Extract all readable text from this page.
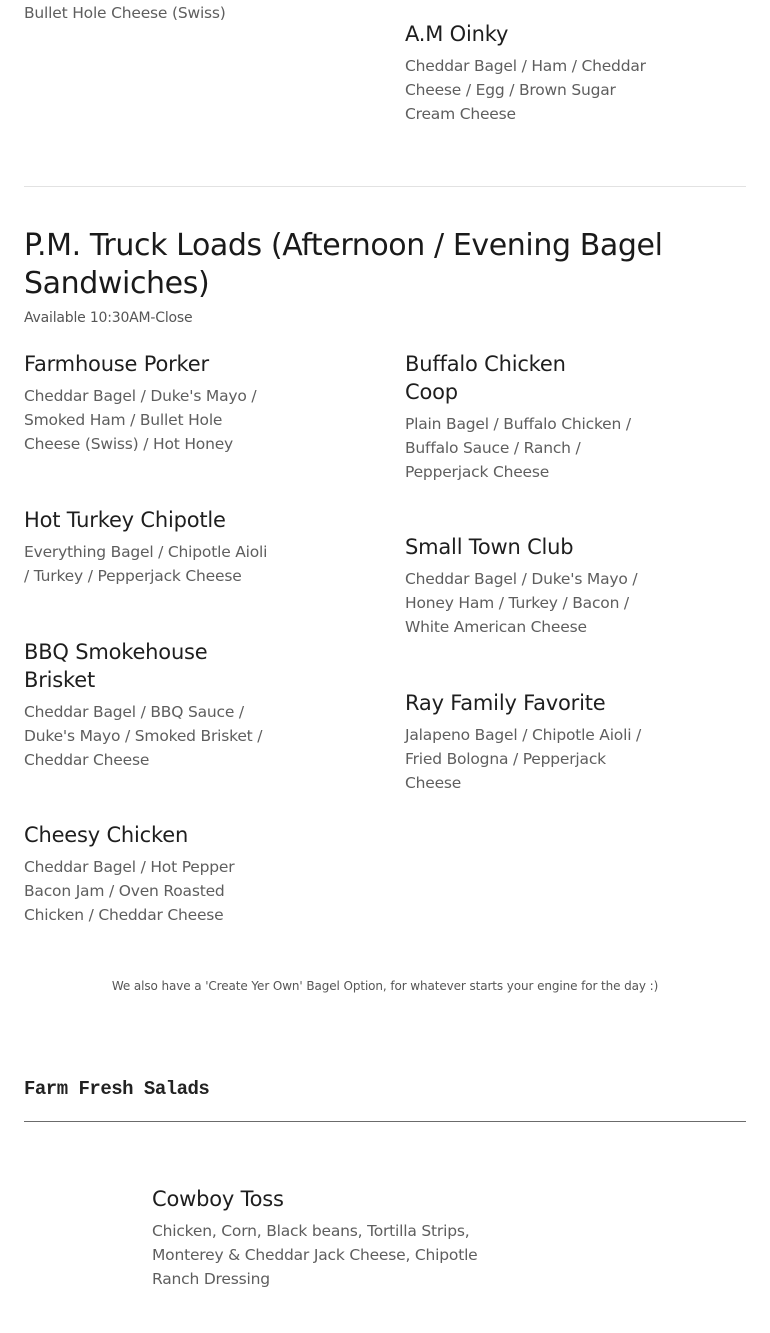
Bullet Hole Cheese (Swiss)
A.M Oinky
Cheddar Bagel / Ham / Cheddar Cheese / Egg / Brown Sugar Cream Cheese
P.M. Truck Loads (Afternoon / Evening Bagel Sandwiches)
Available 10:30AM-Close
Farmhouse Porker
Cheddar Bagel / Duke's Mayo / Smoked Ham / Bullet Hole Cheese (Swiss) / Hot Honey
Hot Turkey Chipotle
Everything Bagel / Chipotle Aioli / Turkey / Pepperjack Cheese
BBQ Smokehouse Brisket
Cheddar Bagel / BBQ Sauce / Duke's Mayo / Smoked Brisket / Cheddar Cheese
Cheesy Chicken
Cheddar Bagel / Hot Pepper Bacon Jam / Oven Roasted Chicken / Cheddar Cheese
Buffalo Chicken Coop
Plain Bagel / Buffalo Chicken / Buffalo Sauce / Ranch / Pepperjack Cheese
Small Town Club
Cheddar Bagel / Duke's Mayo / Honey Ham / Turkey / Bacon / White American Cheese
Ray Family Favorite
Jalapeno Bagel / Chipotle Aioli / Fried Bologna / Pepperjack Cheese
We also have a 'Create Yer Own' Bagel Option, for whatever starts your engine for the day :)
Farm Fresh Salads
Cowboy Toss
Chicken, Corn, Black beans, Tortilla Strips, Monterey & Cheddar Jack Cheese, Chipotle Ranch Dressing
